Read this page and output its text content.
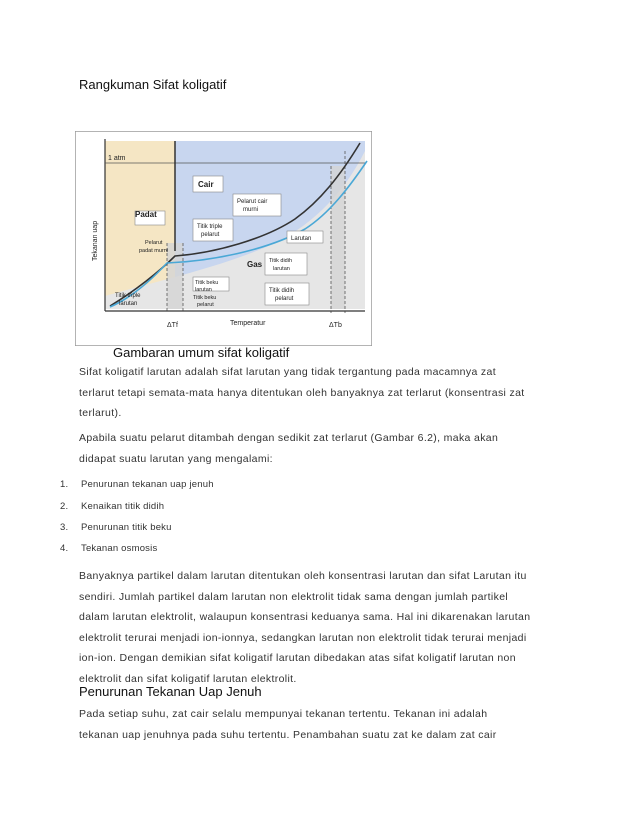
Rangkuman Sifat koligatif
1 atm
Tekanan uap
Padat
Cair
Gas
Pelarut cair murni
Titik triple pelarut
Larutan
Pelarut padat murni
Titik didih larutan
Titik beku larutan
Titik beku pelarut
Titik didih pelarut
Titik triple larutan
Temperatur
ΔTf	ΔTb
Gambaran umum sifat koligatif
Sifat koligatif larutan adalah sifat larutan yang tidak tergantung pada macamnya zat
terlarut tetapi semata-mata hanya ditentukan oleh banyaknya zat terlarut (konsentrasi zat
terlarut).
Apabila suatu pelarut ditambah dengan sedikit zat terlarut (Gambar 6.2), maka akan
didapat suatu larutan yang mengalami:
1. Penurunan tekanan uap jenuh
2. Kenaikan titik didih
3. Penurunan titik beku
4. Tekanan osmosis
Banyaknya partikel dalam larutan ditentukan oleh konsentrasi larutan dan sifat Larutan itu
sendiri. Jumlah partikel dalam larutan non elektrolit tidak sama dengan jumlah partikel
dalam larutan elektrolit, walaupun konsentrasi keduanya sama. Hal ini dikarenakan larutan
elektrolit terurai menjadi ion-ionnya, sedangkan larutan non elektrolit tidak terurai menjadi
ion-ion. Dengan demikian sifat koligatif larutan dibedakan atas sifat koligatif larutan non
elektrolit dan sifat koligatif larutan elektrolit.
Penurunan Tekanan Uap Jenuh
Pada setiap suhu, zat cair selalu mempunyai tekanan tertentu. Tekanan ini adalah
tekanan uap jenuhnya pada suhu tertentu. Penambahan suatu zat ke dalam zat cair
